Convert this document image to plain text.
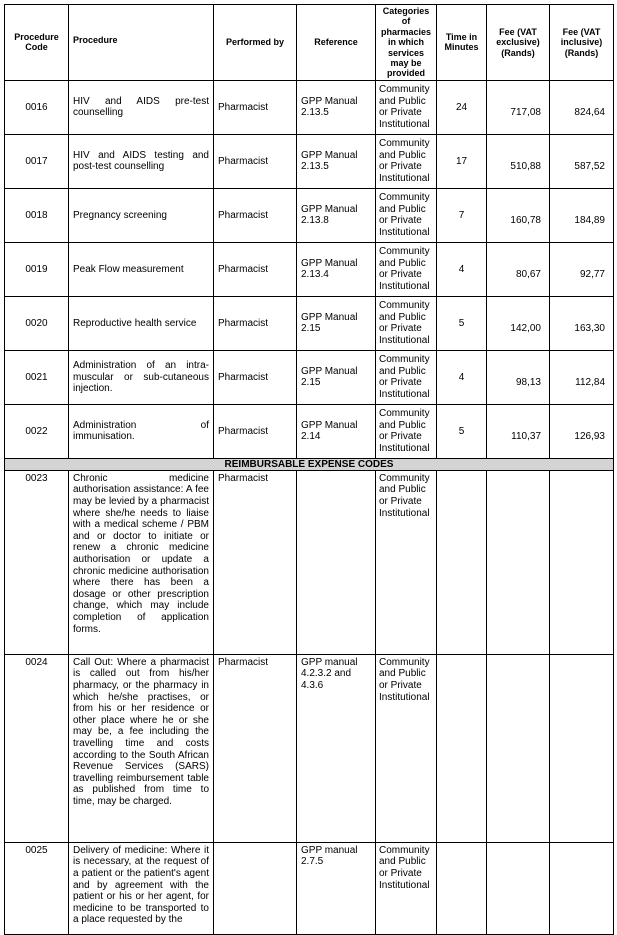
Procedure Code	Procedure	Performed by	Reference	Categories of pharmacies in which services may be provided	Time in Minutes	Fee (VAT exclusive) (Rands)	Fee (VAT inclusive) (Rands)
0016	HIV and AIDS pre-test counselling	Pharmacist	GPP Manual 2.13.5	Community and Public or Private Institutional	24	717,08	824,64
0017	HIV and AIDS testing and post-test counselling	Pharmacist	GPP Manual 2.13.5	Community and Public or Private Institutional	17	510,88	587,52
0018	Pregnancy screening	Pharmacist	GPP Manual 2.13.8	Community and Public or Private Institutional	7	160,78	184,89
0019	Peak Flow measurement	Pharmacist	GPP Manual 2.13.4	Community and Public or Private Institutional	4	80,67	92,77
0020	Reproductive health service	Pharmacist	GPP Manual 2.15	Community and Public or Private Institutional	5	142,00	163,30
0021	Administration of an intra-muscular or sub-cutaneous injection.	Pharmacist	GPP Manual 2.15	Community and Public or Private Institutional	4	98,13	112,84
0022	Administration of immunisation.	Pharmacist	GPP Manual 2.14	Community and Public or Private Institutional	5	110,37	126,93
REIMBURSABLE EXPENSE CODES							
0023	Chronic medicine authorisation assistance: A fee may be levied by a pharmacist where she/he needs to liaise with a medical scheme / PBM and or doctor to initiate or renew a chronic medicine authorisation or update a chronic medicine authorisation where there has been a dosage or other prescription change, which may include completion of application forms.	Pharmacist		Community and Public or Private Institutional			
0024	Call Out: Where a pharmacist is called out from his/her pharmacy, or the pharmacy in which he/she practises, or from his or her residence or other place where he or she may be, a fee including the travelling time and costs according to the South African Revenue Services (SARS) travelling reimbursement table as published from time to time, may be charged.	Pharmacist	GPP manual 4.2.3.2 and 4.3.6	Community and Public or Private Institutional			
0025	Delivery of medicine: Where it is necessary, at the request of a patient or the patient's agent and by agreement with the patient or his or her agent, for medicine to be transported to a place requested by the		GPP manual 2.7.5	Community and Public or Private Institutional			
